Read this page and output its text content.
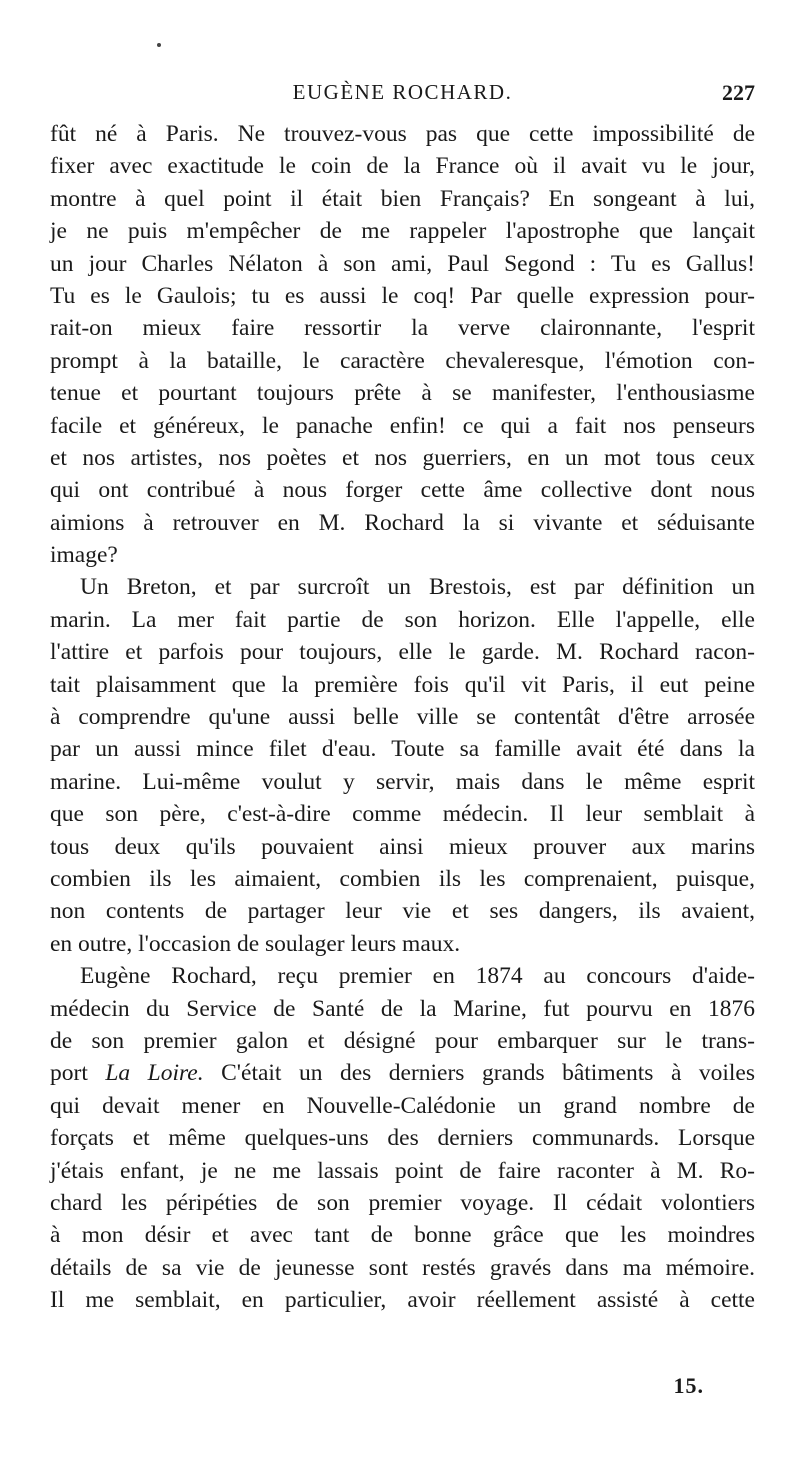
EUGÈNE ROCHARD.	227
fût né à Paris. Ne trouvez-vous pas que cette impossibilité de
fixer avec exactitude le coin de la France où il avait vu le jour,
montre à quel point il était bien Français? En songeant à lui,
je ne puis m'empêcher de me rappeler l'apostrophe que lançait
un jour Charles Nélaton à son ami, Paul Segond : Tu es Gallus!
Tu es le Gaulois; tu es aussi le coq! Par quelle expression pour-
rait-on mieux faire ressortir la verve claironnante, l'esprit
prompt à la bataille, le caractère chevaleresque, l'émotion con-
tenue et pourtant toujours prête à se manifester, l'enthousiasme
facile et généreux, le panache enfin! ce qui a fait nos penseurs
et nos artistes, nos poètes et nos guerriers, en un mot tous ceux
qui ont contribué à nous forger cette âme collective dont nous
aimions à retrouver en M. Rochard la si vivante et séduisante
image?
Un Breton, et par surcroît un Brestois, est par définition un
marin. La mer fait partie de son horizon. Elle l'appelle, elle
l'attire et parfois pour toujours, elle le garde. M. Rochard racon-
tait plaisamment que la première fois qu'il vit Paris, il eut peine
à comprendre qu'une aussi belle ville se contentât d'être arrosée
par un aussi mince filet d'eau. Toute sa famille avait été dans la
marine. Lui-même voulut y servir, mais dans le même esprit
que son père, c'est-à-dire comme médecin. Il leur semblait à
tous deux qu'ils pouvaient ainsi mieux prouver aux marins
combien ils les aimaient, combien ils les comprenaient, puisque,
non contents de partager leur vie et ses dangers, ils avaient,
en outre, l'occasion de soulager leurs maux.
Eugène Rochard, reçu premier en 1874 au concours d'aide-
médecin du Service de Santé de la Marine, fut pourvu en 1876
de son premier galon et désigné pour embarquer sur le trans-
port La Loire. C'était un des derniers grands bâtiments à voiles
qui devait mener en Nouvelle-Calédonie un grand nombre de
forçats et même quelques-uns des derniers communards. Lorsque
j'étais enfant, je ne me lassais point de faire raconter à M. Ro-
chard les péripéties de son premier voyage. Il cédait volontiers
à mon désir et avec tant de bonne grâce que les moindres
détails de sa vie de jeunesse sont restés gravés dans ma mémoire.
Il me semblait, en particulier, avoir réellement assisté à cette
15.
